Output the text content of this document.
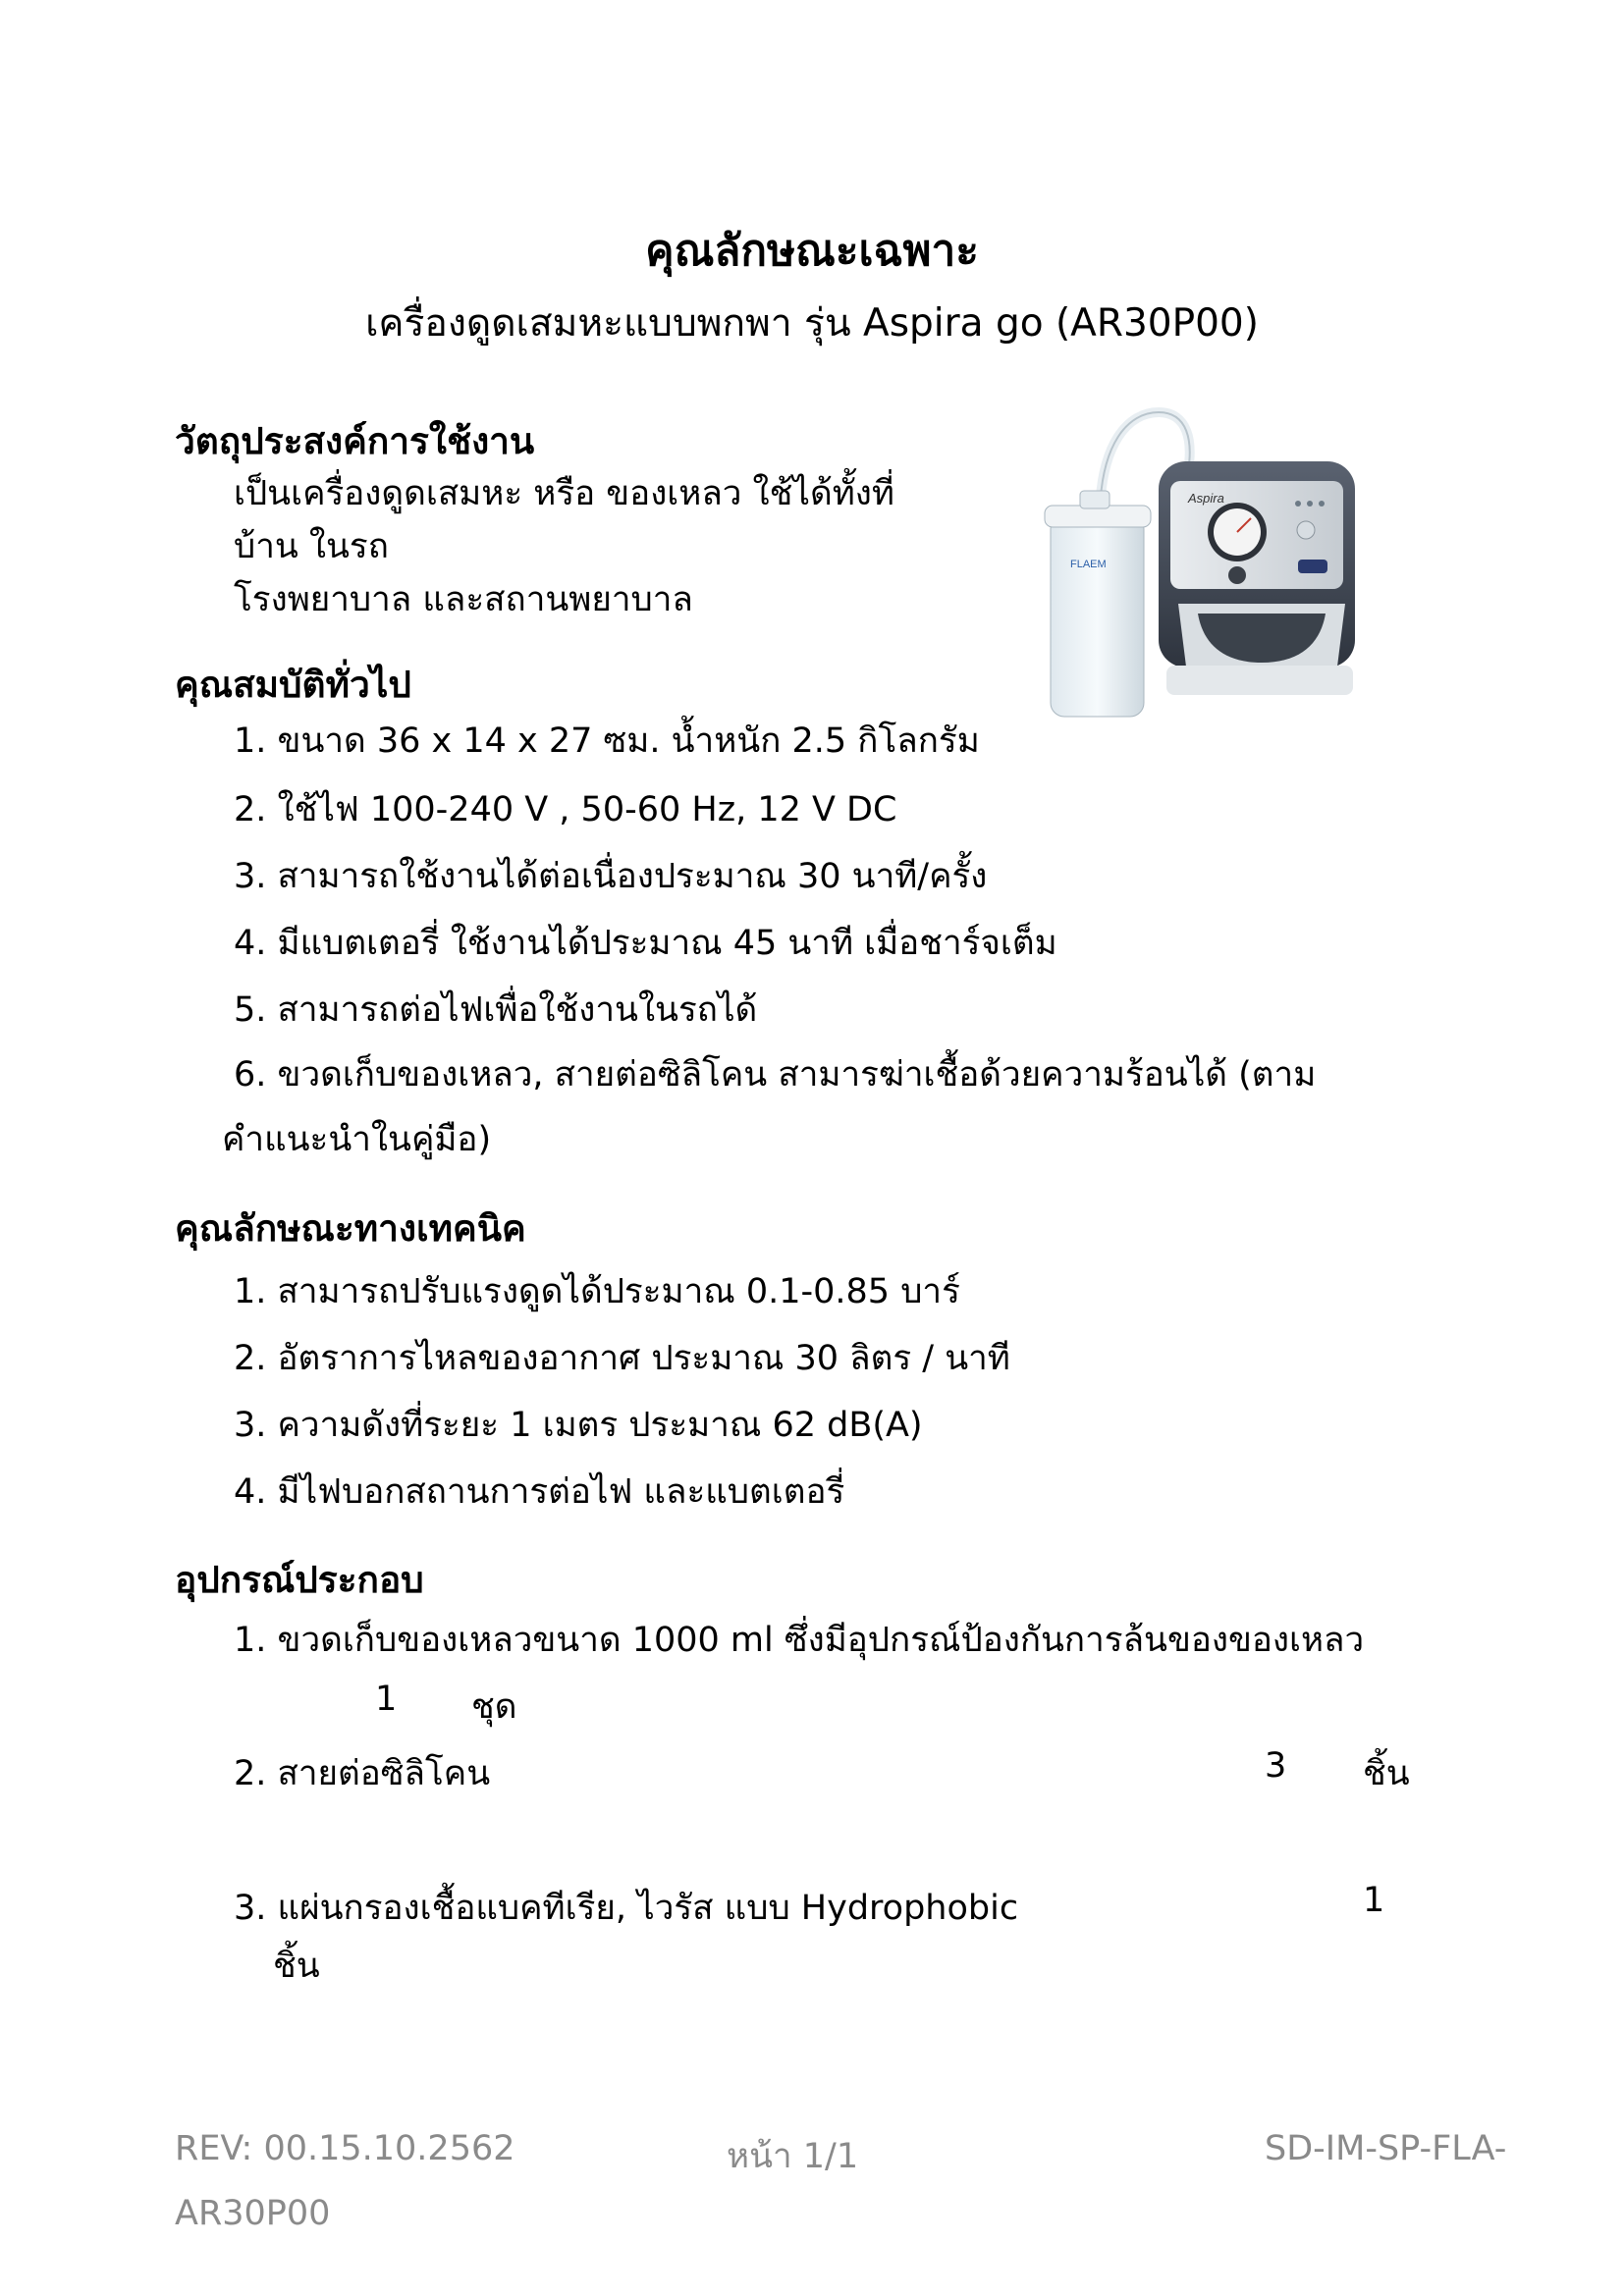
คุณลักษณะเฉพาะ
เครื่องดูดเสมหะแบบพกพา รุ่น Aspira go (AR30P00)
วัตถุประสงค์การใช้งาน
เป็นเครื่องดูดเสมหะ หรือ ของเหลว ใช้ได้ทั้งที่
บ้าน ในรถ
โรงพยาบาล และสถานพยาบาล
FLAEM
Aspira
คุณสมบัติทั่วไป
1. ขนาด 36 x 14 x 27 ซม. น้ำหนัก 2.5 กิโลกรัม
2. ใช้ไฟ 100-240 V , 50-60 Hz, 12 V DC
3. สามารถใช้งานได้ต่อเนื่องประมาณ 30 นาที/ครั้ง
4. มีแบตเตอรี่ ใช้งานได้ประมาณ 45 นาที เมื่อชาร์จเต็ม
5. สามารถต่อไฟเพื่อใช้งานในรถได้
6. ขวดเก็บของเหลว, สายต่อซิลิโคน สามารฆ่าเชื้อด้วยความร้อนได้ (ตาม
คำแนะนำในคู่มือ)
คุณลักษณะทางเทคนิค
1. สามารถปรับแรงดูดได้ประมาณ 0.1-0.85 บาร์
2. อัตราการไหลของอากาศ ประมาณ 30 ลิตร / นาที
3. ความดังที่ระยะ 1 เมตร ประมาณ 62 dB(A)
4. มีไฟบอกสถานการต่อไฟ และแบตเตอรี่
อุปกรณ์ประกอบ
1. ขวดเก็บของเหลวขนาด 1000 ml ซึ่งมีอุปกรณ์ป้องกันการล้นของของเหลว
1 ชุด
2. สายต่อซิลิโคน	3 ชิ้น
3. แผ่นกรองเชื้อแบคทีเรีย, ไวรัส แบบ Hydrophobic	1
ชิ้น
REV: 00.15.10.2562	หน้า 1/1	SD-IM-SP-FLA-
AR30P00
